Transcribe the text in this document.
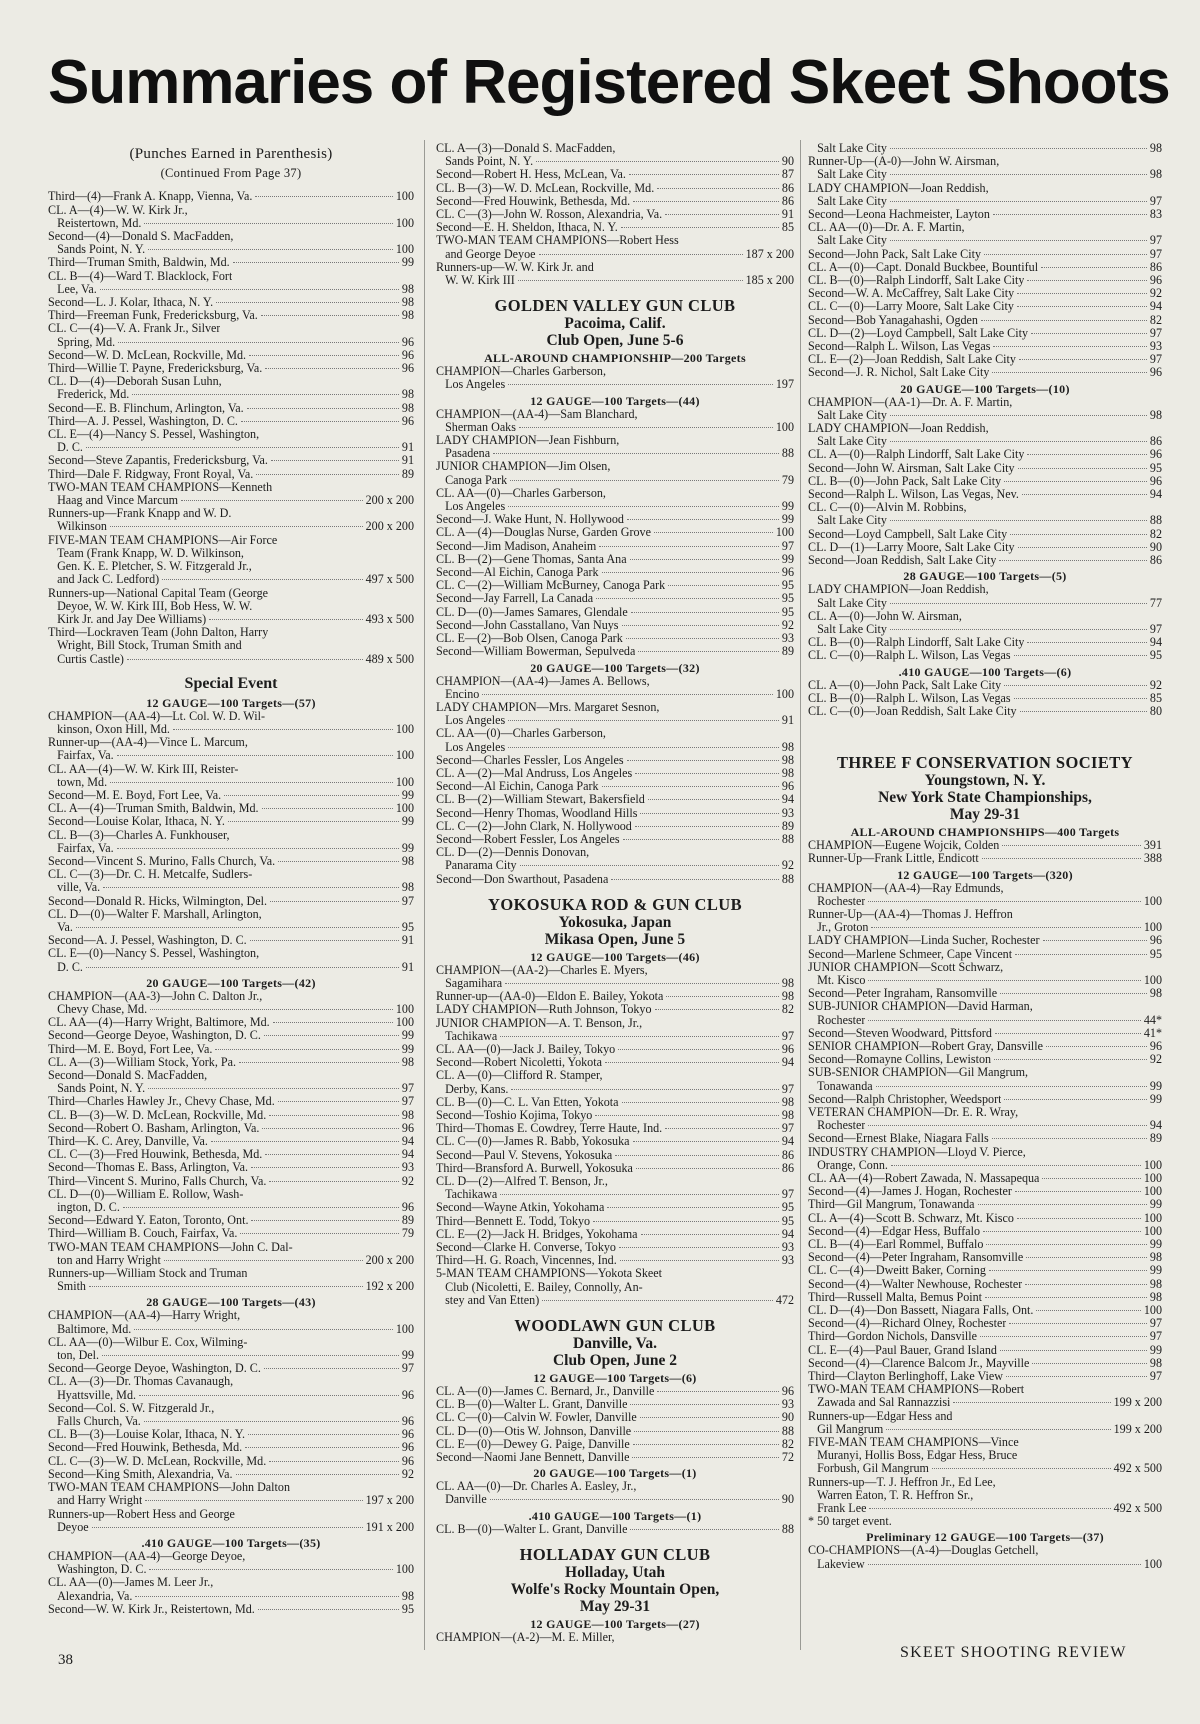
Summaries of Registered Skeet Shoots
(Punches Earned in Parenthesis)
(Continued From Page 37)
Third—(4)—Frank A. Knapp, Vienna, Va.	100
CL. A—(4)—W. W. Kirk Jr.,
Reistertown, Md.	100
Second—(4)—Donald S. MacFadden,
Sands Point, N. Y.	100
Third—Truman Smith, Baldwin, Md.	99
CL. B—(4)—Ward T. Blacklock, Fort
Lee, Va.	98
Second—L. J. Kolar, Ithaca, N. Y.	98
Third—Freeman Funk, Fredericksburg, Va.	98
CL. C—(4)—V. A. Frank Jr., Silver
Spring, Md.	96
Second—W. D. McLean, Rockville, Md.	96
Third—Willie T. Payne, Fredericksburg, Va.	96
CL. D—(4)—Deborah Susan Luhn,
Frederick, Md.	98
Second—E. B. Flinchum, Arlington, Va.	98
Third—A. J. Pessel, Washington, D. C.	96
CL. E—(4)—Nancy S. Pessel, Washington,
D. C.	91
Second—Steve Zapantis, Fredericksburg, Va.	91
Third—Dale F. Ridgway, Front Royal, Va.	89
TWO-MAN TEAM CHAMPIONS—Kenneth
Haag and Vince Marcum	200 x 200
Runners-up—Frank Knapp and W. D.
Wilkinson	200 x 200
FIVE-MAN TEAM CHAMPIONS—Air Force
Team (Frank Knapp, W. D. Wilkinson,
Gen. K. E. Pletcher, S. W. Fitzgerald Jr.,
and Jack C. Ledford)	497 x 500
Runners-up—National Capital Team (George
Deyoe, W. W. Kirk III, Bob Hess, W. W.
Kirk Jr. and Jay Dee Williams)	493 x 500
Third—Lockraven Team (John Dalton, Harry
Wright, Bill Stock, Truman Smith and
Curtis Castle)	489 x 500
Special Event
12 GAUGE—100 Targets—(57)
CHAMPION—(AA-4)—Lt. Col. W. D. Wil-
kinson, Oxon Hill, Md.	100
Runner-up—(AA-4)—Vince L. Marcum,
Fairfax, Va.	100
CL. AA—(4)—W. W. Kirk III, Reister-
town, Md.	100
Second—M. E. Boyd, Fort Lee, Va.	99
CL. A—(4)—Truman Smith, Baldwin, Md.	100
Second—Louise Kolar, Ithaca, N. Y.	99
CL. B—(3)—Charles A. Funkhouser,
Fairfax, Va.	99
Second—Vincent S. Murino, Falls Church, Va.	98
CL. C—(3)—Dr. C. H. Metcalfe, Sudlers-
ville, Va.	98
Second—Donald R. Hicks, Wilmington, Del.	97
CL. D—(0)—Walter F. Marshall, Arlington,
Va.	95
Second—A. J. Pessel, Washington, D. C.	91
CL. E—(0)—Nancy S. Pessel, Washington,
D. C.	91
20 GAUGE—100 Targets—(42)
CHAMPION—(AA-3)—John C. Dalton Jr.,
Chevy Chase, Md.	100
CL. AA—(4)—Harry Wright, Baltimore, Md.	100
Second—George Deyoe, Washington, D. C.	99
Third—M. E. Boyd, Fort Lee, Va.	99
CL. A—(3)—William Stock, York, Pa.	98
Second—Donald S. MacFadden,
Sands Point, N. Y.	97
Third—Charles Hawley Jr., Chevy Chase, Md.	97
CL. B—(3)—W. D. McLean, Rockville, Md.	98
Second—Robert O. Basham, Arlington, Va.	96
Third—K. C. Arey, Danville, Va.	94
CL. C—(3)—Fred Houwink, Bethesda, Md.	94
Second—Thomas E. Bass, Arlington, Va.	93
Third—Vincent S. Murino, Falls Church, Va.	92
CL. D—(0)—William E. Rollow, Wash-
ington, D. C.	96
Second—Edward Y. Eaton, Toronto, Ont.	89
Third—William B. Couch, Fairfax, Va.	79
TWO-MAN TEAM CHAMPIONS—John C. Dal-
ton and Harry Wright	200 x 200
Runners-up—William Stock and Truman
Smith	192 x 200
28 GAUGE—100 Targets—(43)
CHAMPION—(AA-4)—Harry Wright,
Baltimore, Md.	100
CL. AA—(0)—Wilbur E. Cox, Wilming-
ton, Del.	99
Second—George Deyoe, Washington, D. C.	97
CL. A—(3)—Dr. Thomas Cavanaugh,
Hyattsville, Md.	96
Second—Col. S. W. Fitzgerald Jr.,
Falls Church, Va.	96
CL. B—(3)—Louise Kolar, Ithaca, N. Y.	96
Second—Fred Houwink, Bethesda, Md.	96
CL. C—(3)—W. D. McLean, Rockville, Md.	96
Second—King Smith, Alexandria, Va.	92
TWO-MAN TEAM CHAMPIONS—John Dalton
and Harry Wright	197 x 200
Runners-up—Robert Hess and George
Deyoe	191 x 200
.410 GAUGE—100 Targets—(35)
CHAMPION—(AA-4)—George Deyoe,
Washington, D. C.	100
CL. AA—(0)—James M. Leer Jr.,
Alexandria, Va.	98
Second—W. W. Kirk Jr., Reistertown, Md.	95
CL. A—(3)—Donald S. MacFadden,
Sands Point, N. Y.	90
Second—Robert H. Hess, McLean, Va.	87
CL. B—(3)—W. D. McLean, Rockville, Md.	86
Second—Fred Houwink, Bethesda, Md.	86
CL. C—(3)—John W. Rosson, Alexandria, Va.	91
Second—E. H. Sheldon, Ithaca, N. Y.	85
TWO-MAN TEAM CHAMPIONS—Robert Hess
and George Deyoe	187 x 200
Runners-up—W. W. Kirk Jr. and
W. W. Kirk III	185 x 200
GOLDEN VALLEY GUN CLUB
Pacoima, Calif.
Club Open, June 5-6
ALL-AROUND CHAMPIONSHIP—200 Targets
CHAMPION—Charles Garberson,
Los Angeles	197
12 GAUGE—100 Targets—(44)
CHAMPION—(AA-4)—Sam Blanchard,
Sherman Oaks	100
LADY CHAMPION—Jean Fishburn,
Pasadena	88
JUNIOR CHAMPION—Jim Olsen,
Canoga Park	79
CL. AA—(0)—Charles Garberson,
Los Angeles	99
Second—J. Wake Hunt, N. Hollywood	99
CL. A—(4)—Douglas Nurse, Garden Grove	100
Second—Jim Madison, Anaheim	97
CL. B—(2)—Gene Thomas, Santa Ana	99
Second—Al Eichin, Canoga Park	96
CL. C—(2)—William McBurney, Canoga Park	95
Second—Jay Farrell, La Canada	95
CL. D—(0)—James Samares, Glendale	95
Second—John Casstallano, Van Nuys	92
CL. E—(2)—Bob Olsen, Canoga Park	93
Second—William Bowerman, Sepulveda	89
20 GAUGE—100 Targets—(32)
CHAMPION—(AA-4)—James A. Bellows,
Encino	100
LADY CHAMPION—Mrs. Margaret Sesnon,
Los Angeles	91
CL. AA—(0)—Charles Garberson,
Los Angeles	98
Second—Charles Fessler, Los Angeles	98
CL. A—(2)—Mal Andruss, Los Angeles	98
Second—Al Eichin, Canoga Park	96
CL. B—(2)—William Stewart, Bakersfield	94
Second—Henry Thomas, Woodland Hills	93
CL. C—(2)—John Clark, N. Hollywood	89
Second—Robert Fessler, Los Angeles	88
CL. D—(2)—Dennis Donovan,
Panarama City	92
Second—Don Swarthout, Pasadena	88
YOKOSUKA ROD & GUN CLUB
Yokosuka, Japan
Mikasa Open, June 5
12 GAUGE—100 Targets—(46)
CHAMPION—(AA-2)—Charles E. Myers,
Sagamihara	98
Runner-up—(AA-0)—Eldon E. Bailey, Yokota	98
LADY CHAMPION—Ruth Johnson, Tokyo	82
JUNIOR CHAMPION—A. T. Benson, Jr.,
Tachikawa	97
CL. AA—(0)—Jack J. Bailey, Tokyo	96
Second—Robert Nicoletti, Yokota	94
CL. A—(0)—Clifford R. Stamper,
Derby, Kans.	97
CL. B—(0)—C. L. Van Etten, Yokota	98
Second—Toshio Kojima, Tokyo	98
Third—Thomas E. Cowdrey, Terre Haute, Ind.	97
CL. C—(0)—James R. Babb, Yokosuka	94
Second—Paul V. Stevens, Yokosuka	86
Third—Bransford A. Burwell, Yokosuka	86
CL. D—(2)—Alfred T. Benson, Jr.,
Tachikawa	97
Second—Wayne Atkin, Yokohama	95
Third—Bennett E. Todd, Tokyo	95
CL. E—(2)—Jack H. Bridges, Yokohama	94
Second—Clarke H. Converse, Tokyo	93
Third—H. G. Roach, Vincennes, Ind.	93
5-MAN TEAM CHAMPIONS—Yokota Skeet
Club (Nicoletti, E. Bailey, Connolly, An-
stey and Van Etten)	472
WOODLAWN GUN CLUB
Danville, Va.
Club Open, June 2
12 GAUGE—100 Targets—(6)
CL. A—(0)—James C. Bernard, Jr., Danville	96
CL. B—(0)—Walter L. Grant, Danville	93
CL. C—(0)—Calvin W. Fowler, Danville	90
CL. D—(0)—Otis W. Johnson, Danville	88
CL. E—(0)—Dewey G. Paige, Danville	82
Second—Naomi Jane Bennett, Danville	72
20 GAUGE—100 Targets—(1)
CL. AA—(0)—Dr. Charles A. Easley, Jr.,
Danville	90
.410 GAUGE—100 Targets—(1)
CL. B—(0)—Walter L. Grant, Danville	88
HOLLADAY GUN CLUB
Holladay, Utah
Wolfe's Rocky Mountain Open,
May 29-31
12 GAUGE—100 Targets—(27)
CHAMPION—(A-2)—M. E. Miller,
Salt Lake City	98
Runner-Up—(A-0)—John W. Airsman,
Salt Lake City	98
LADY CHAMPION—Joan Reddish,
Salt Lake City	97
Second—Leona Hachmeister, Layton	83
CL. AA—(0)—Dr. A. F. Martin,
Salt Lake City	97
Second—John Pack, Salt Lake City	97
CL. A—(0)—Capt. Donald Buckbee, Bountiful	86
CL. B—(0)—Ralph Lindorff, Salt Lake City	96
Second—W. A. McCaffrey, Salt Lake City	92
CL. C—(0)—Larry Moore, Salt Lake City	94
Second—Bob Yanagahashi, Ogden	82
CL. D—(2)—Loyd Campbell, Salt Lake City	97
Second—Ralph L. Wilson, Las Vegas	93
CL. E—(2)—Joan Reddish, Salt Lake City	97
Second—J. R. Nichol, Salt Lake City	96
20 GAUGE—100 Targets—(10)
CHAMPION—(AA-1)—Dr. A. F. Martin,
Salt Lake City	98
LADY CHAMPION—Joan Reddish,
Salt Lake City	86
CL. A—(0)—Ralph Lindorff, Salt Lake City	96
Second—John W. Airsman, Salt Lake City	95
CL. B—(0)—John Pack, Salt Lake City	96
Second—Ralph L. Wilson, Las Vegas, Nev.	94
CL. C—(0)—Alvin M. Robbins,
Salt Lake City	88
Second—Loyd Campbell, Salt Lake City	82
CL. D—(1)—Larry Moore, Salt Lake City	90
Second—Joan Reddish, Salt Lake City	86
28 GAUGE—100 Targets—(5)
LADY CHAMPION—Joan Reddish,
Salt Lake City	77
CL. A—(0)—John W. Airsman,
Salt Lake City	97
CL. B—(0)—Ralph Lindorff, Salt Lake City	94
CL. C—(0)—Ralph L. Wilson, Las Vegas	95
.410 GAUGE—100 Targets—(6)
CL. A—(0)—John Pack, Salt Lake City	92
CL. B—(0)—Ralph L. Wilson, Las Vegas	85
CL. C—(0)—Joan Reddish, Salt Lake City	80
THREE F CONSERVATION SOCIETY
Youngstown, N. Y.
New York State Championships,
May 29-31
ALL-AROUND CHAMPIONSHIPS—400 Targets
CHAMPION—Eugene Wojcik, Colden	391
Runner-Up—Frank Little, Endicott	388
12 GAUGE—100 Targets—(320)
CHAMPION—(AA-4)—Ray Edmunds,
Rochester	100
Runner-Up—(AA-4)—Thomas J. Heffron
Jr., Groton	100
LADY CHAMPION—Linda Sucher, Rochester	96
Second—Marlene Schmeer, Cape Vincent	95
JUNIOR CHAMPION—Scott Schwarz,
Mt. Kisco	100
Second—Peter Ingraham, Ransomville	98
SUB-JUNIOR CHAMPION—David Harman,
Rochester	44*
Second—Steven Woodward, Pittsford	41*
SENIOR CHAMPION—Robert Gray, Dansville	96
Second—Romayne Collins, Lewiston	92
SUB-SENIOR CHAMPION—Gil Mangrum,
Tonawanda	99
Second—Ralph Christopher, Weedsport	99
VETERAN CHAMPION—Dr. E. R. Wray,
Rochester	94
Second—Ernest Blake, Niagara Falls	89
INDUSTRY CHAMPION—Lloyd V. Pierce,
Orange, Conn.	100
CL. AA—(4)—Robert Zawada, N. Massapequa	100
Second—(4)—James J. Hogan, Rochester	100
Third—Gil Mangrum, Tonawanda	99
CL. A—(4)—Scott B. Schwarz, Mt. Kisco	100
Second—(4)—Edgar Hess, Buffalo	100
CL. B—(4)—Earl Rommel, Buffalo	99
Second—(4)—Peter Ingraham, Ransomville	98
CL. C—(4)—Dweitt Baker, Corning	99
Second—(4)—Walter Newhouse, Rochester	98
Third—Russell Malta, Bemus Point	98
CL. D—(4)—Don Bassett, Niagara Falls, Ont.	100
Second—(4)—Richard Olney, Rochester	97
Third—Gordon Nichols, Dansville	97
CL. E—(4)—Paul Bauer, Grand Island	99
Second—(4)—Clarence Balcom Jr., Mayville	98
Third—Clayton Berlinghoff, Lake View	97
TWO-MAN TEAM CHAMPIONS—Robert
Zawada and Sal Rannazzisi	199 x 200
Runners-up—Edgar Hess and
Gil Mangrum	199 x 200
FIVE-MAN TEAM CHAMPIONS—Vince
Muranyi, Hollis Boss, Edgar Hess, Bruce
Forbush, Gil Mangrum	492 x 500
Runners-up—T. J. Heffron Jr., Ed Lee,
Warren Eaton, T. R. Heffron Sr.,
Frank Lee	492 x 500
* 50 target event.
Preliminary 12 GAUGE—100 Targets—(37)
CO-CHAMPIONS—(A-4)—Douglas Getchell,
Lakeview	100
38	SKEET SHOOTING REVIEW
